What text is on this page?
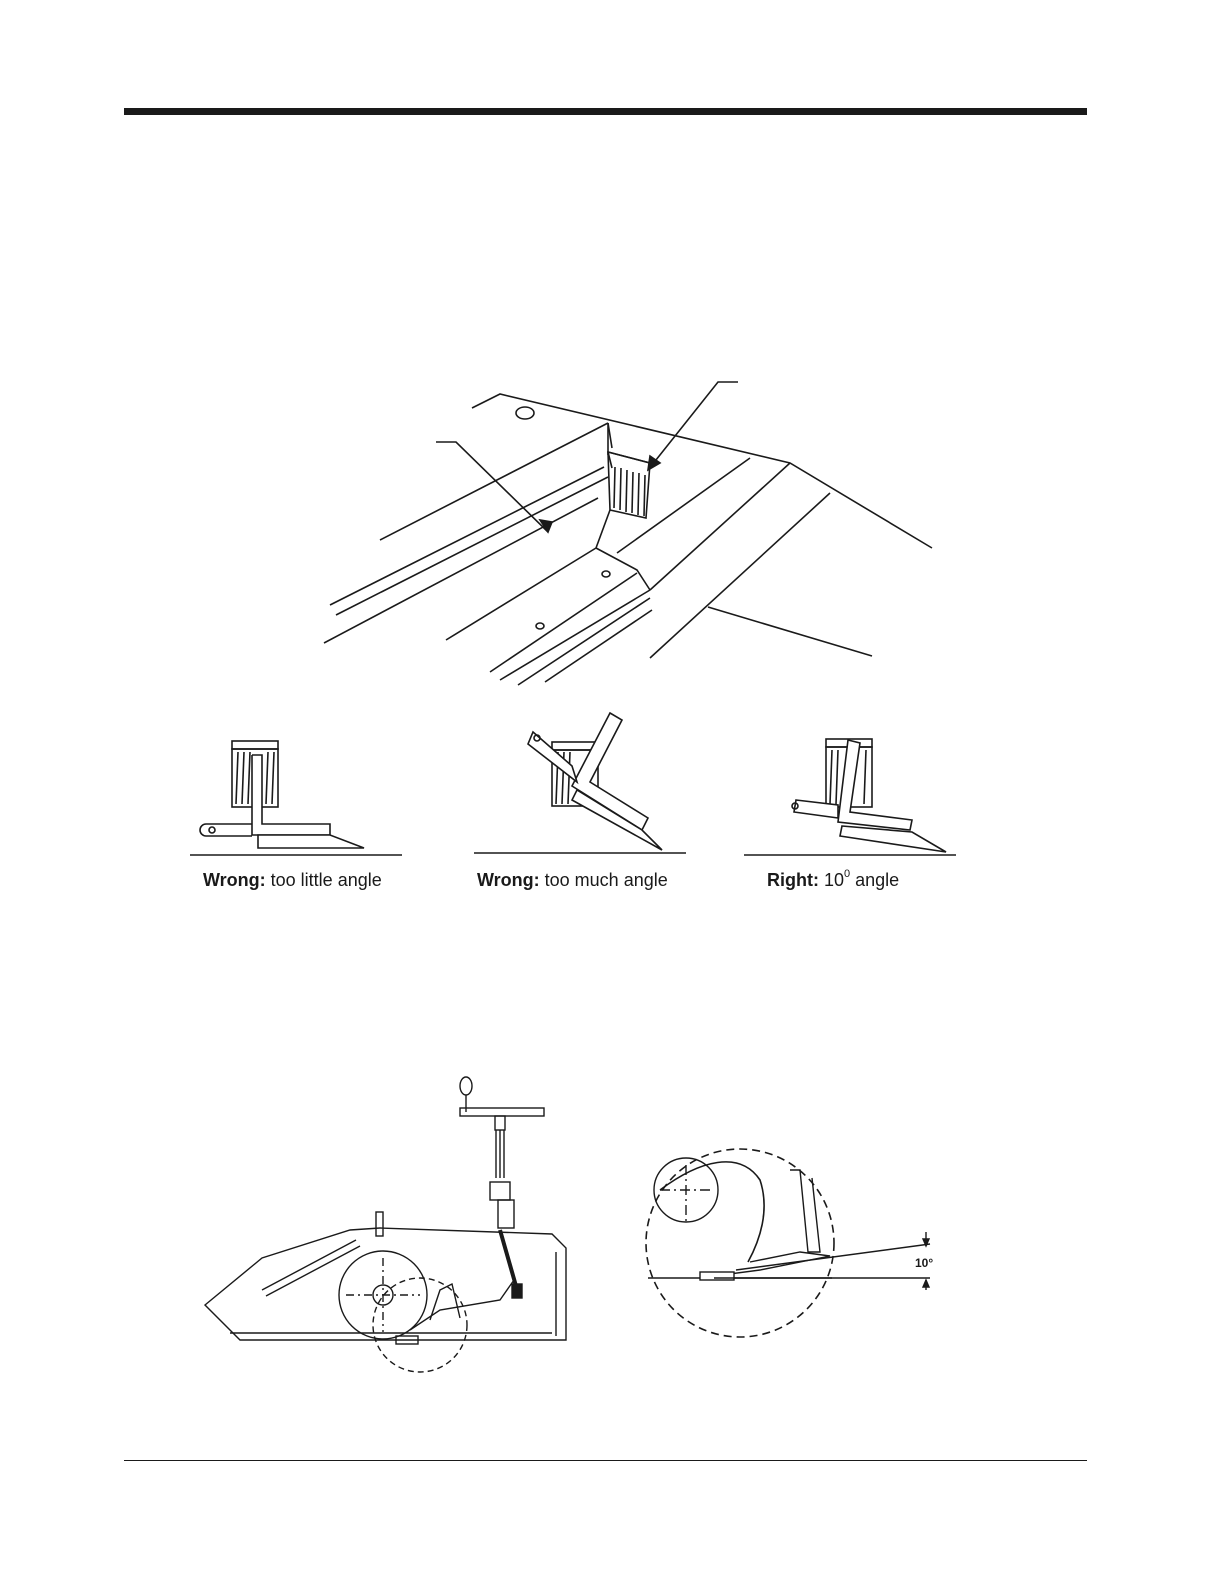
Wrong: too little angle	Wrong: too much angle	Right: $10^0$ angle
10°
